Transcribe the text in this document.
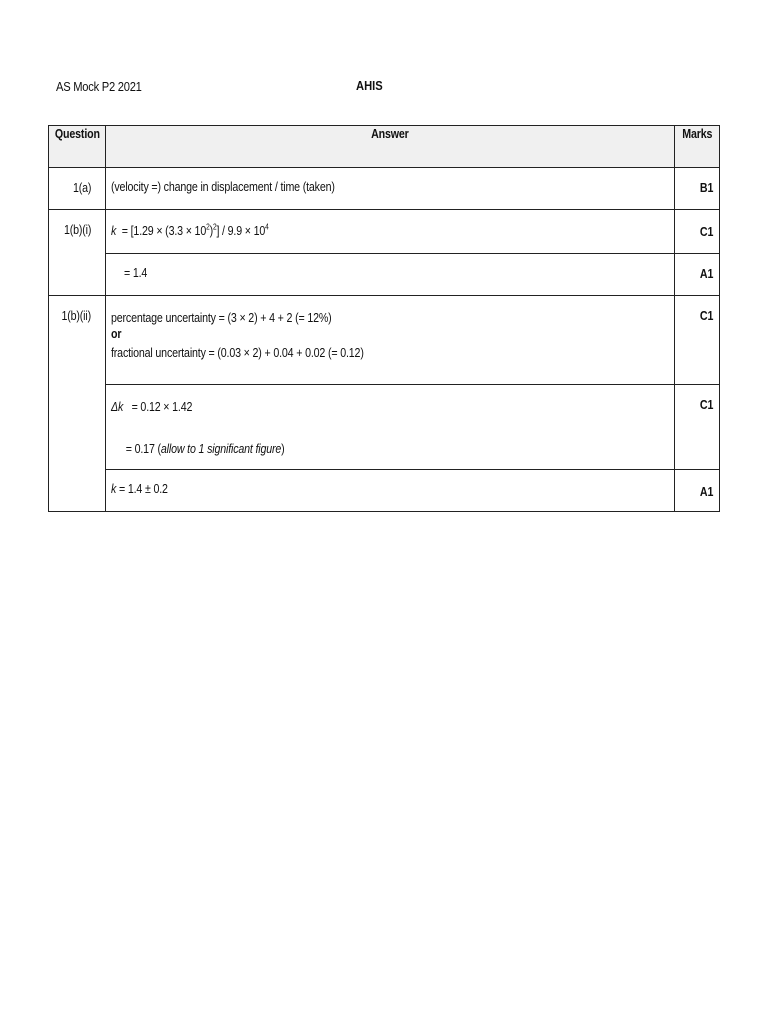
AS Mock P2 2021	AHIS
Question	Answer	Marks
1(a)	(velocity =) change in displacement / time (taken)	B1
1(b)(i)	$k = [1.29 \times (3.3 \times 10^2)^2] / 9.9 \times 10^4$	C1

	= 1.4	A1
1(b)(ii)	percentage uncertainty = (3 × 2) + 4 + 2 (= 12%)
or
fractional uncertainty = (0.03 × 2) + 0.04 + 0.02 (= 0.12)	C1

	Δk = 0.12 × 1.42
= 0.17 (allow to 1 significant figure)	C1

	k = 1.4 ± 0.2	A1
